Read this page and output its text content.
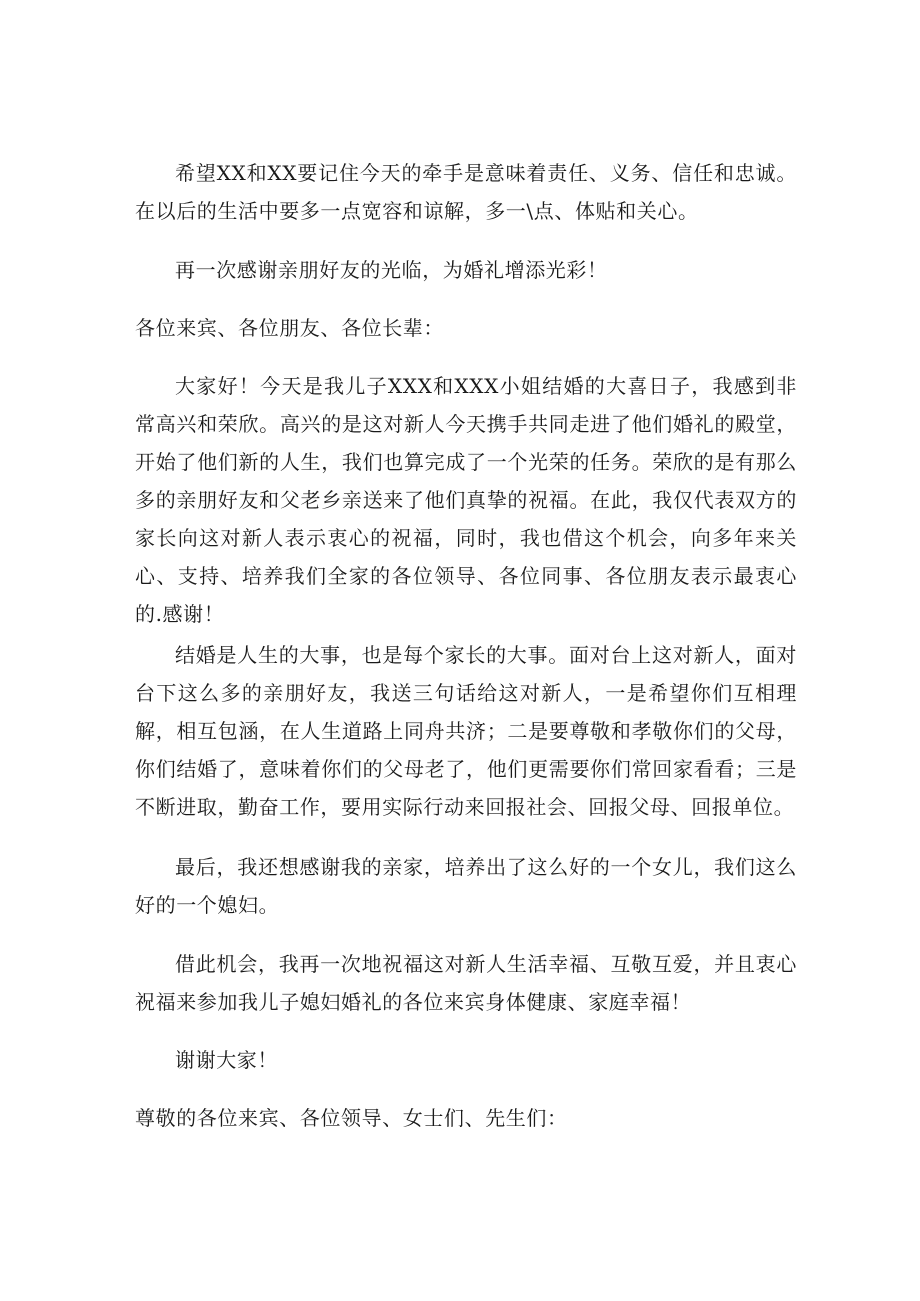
希望XX和XX要记住今天的牵手是意味着责任、义务、信任和忠诚。在以后的生活中要多一点宽容和谅解，多一\点、体贴和关心。

再一次感谢亲朋好友的光临，为婚礼增添光彩！

各位来宾、各位朋友、各位长辈：

大家好！今天是我儿子XXX和XXX小姐结婚的大喜日子，我感到非常高兴和荣欣。高兴的是这对新人今天携手共同走进了他们婚礼的殿堂，开始了他们新的人生，我们也算完成了一个光荣的任务。荣欣的是有那么多的亲朋好友和父老乡亲送来了他们真挚的祝福。在此，我仅代表双方的家长向这对新人表示衷心的祝福，同时，我也借这个机会，向多年来关心、支持、培养我们全家的各位领导、各位同事、各位朋友表示最衷心的.感谢！

结婚是人生的大事，也是每个家长的大事。面对台上这对新人，面对台下这么多的亲朋好友，我送三句话给这对新人，一是希望你们互相理解，相互包涵，在人生道路上同舟共济；二是要尊敬和孝敬你们的父母，你们结婚了，意味着你们的父母老了，他们更需要你们常回家看看；三是不断进取，勤奋工作，要用实际行动来回报社会、回报父母、回报单位。

最后，我还想感谢我的亲家，培养出了这么好的一个女儿，我们这么好的一个媳妇。

借此机会，我再一次地祝福这对新人生活幸福、互敬互爱，并且衷心祝福来参加我儿子媳妇婚礼的各位来宾身体健康、家庭幸福！

谢谢大家！

尊敬的各位来宾、各位领导、女士们、先生们：
